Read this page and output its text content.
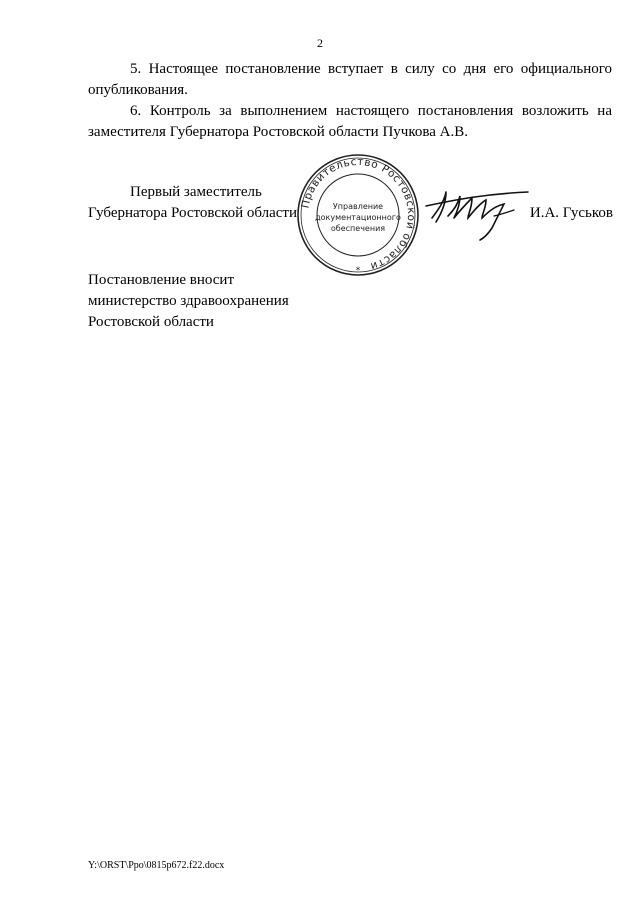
2
5. Настоящее постановление вступает в силу со дня его официального опубликования.
6. Контроль за выполнением настоящего постановления возложить на заместителя Губернатора Ростовской области Пучкова А.В.
Первый заместитель
Губернатора Ростовской области
Правительство Ростовской области
Управление
документационного
обеспечения
*
И.А. Гуськов
Постановление вносит
министерство здравоохранения
Ростовской области
Y:\ORST\Ppo\0815p672.f22.docx
